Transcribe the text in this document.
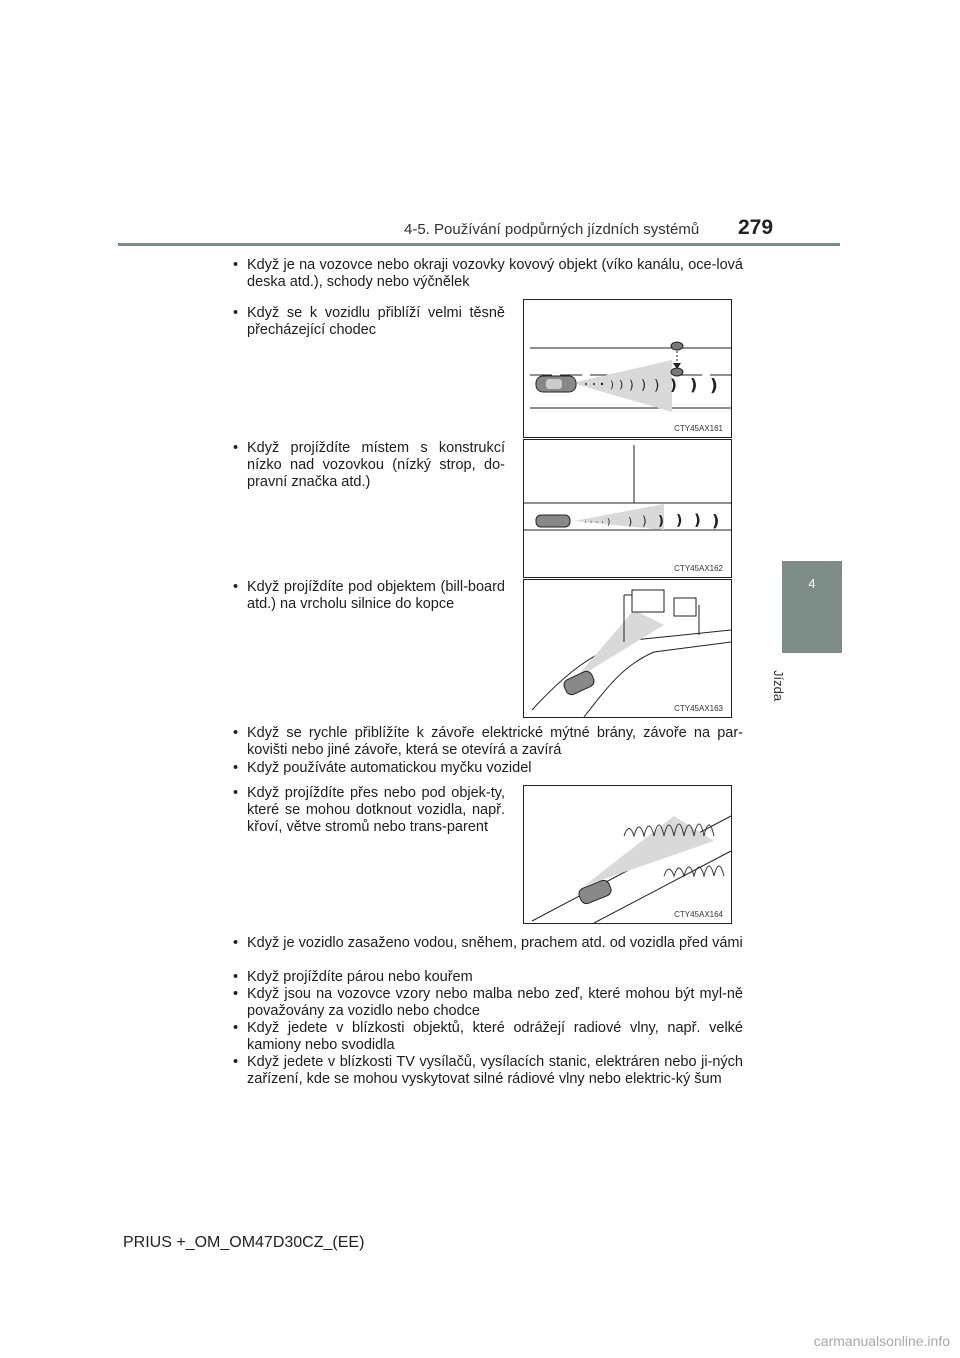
4-5. Používání podpůrných jízdních systémů 279
4
Jízda
• Když je na vozovce nebo okraji vozovky kovový objekt (víko kanálu, oce-lová deska atd.), schody nebo výčnělek
• Když se k vozidlu přiblíží velmi těsně přecházející chodec
) ) ) ) ) ) ) )
CTY45AX161
• Když projíždíte místem s konstrukcí nízko nad vozovkou (nízký strop, do-pravní značka atd.)
· · · · ) ) ) ) ) ) )
CTY45AX162
• Když projíždíte pod objektem (bill-board atd.) na vrcholu silnice do kopce
CTY45AX163
• Když se rychle přiblížíte k závoře elektrické mýtné brány, závoře na par-kovišti nebo jiné závoře, která se otevírá a zavírá
• Když používáte automatickou myčku vozidel
• Když projíždíte přes nebo pod objek-ty, které se mohou dotknout vozidla, např. křoví, větve stromů nebo trans-parent
CTY45AX164
• Když je vozidlo zasaženo vodou, sněhem, prachem atd. od vozidla před vámi
• Když projíždíte párou nebo kouřem
• Když jsou na vozovce vzory nebo malba nebo zeď, které mohou být myl-ně považovány za vozidlo nebo chodce
• Když jedete v blízkosti objektů, které odrážejí radiové vlny, např. velké kamiony nebo svodidla
• Když jedete v blízkosti TV vysílačů, vysílacích stanic, elektráren nebo ji-ných zařízení, kde se mohou vyskytovat silné rádiové vlny nebo elektric-ký šum
PRIUS +_OM_OM47D30CZ_(EE)
carmanualsonline.info
